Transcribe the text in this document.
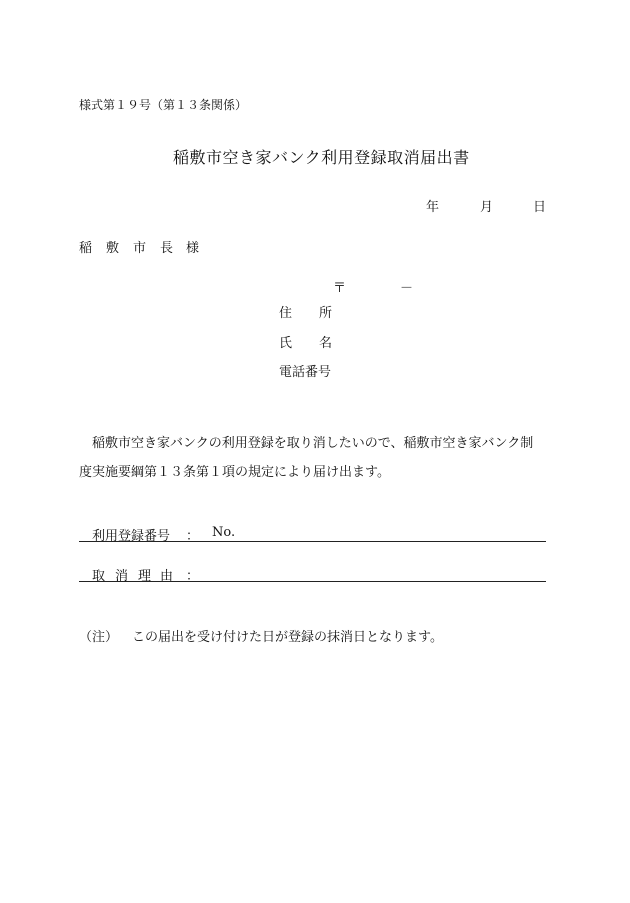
様式第１９号（第１３条関係）
稲敷市空き家バンク利用登録取消届出書
年	月	日
稲 敷 市 長 様
〒	－
住 所
氏 名
電話番号
稲敷市空き家バンクの利用登録を取り消したいので、稲敷市空き家バンク制
度実施要綱第１３条第１項の規定により届け出ます。
利用登録番号 ： No.
取 消 理 由 ：
（注） この届出を受け付けた日が登録の抹消日となります。
